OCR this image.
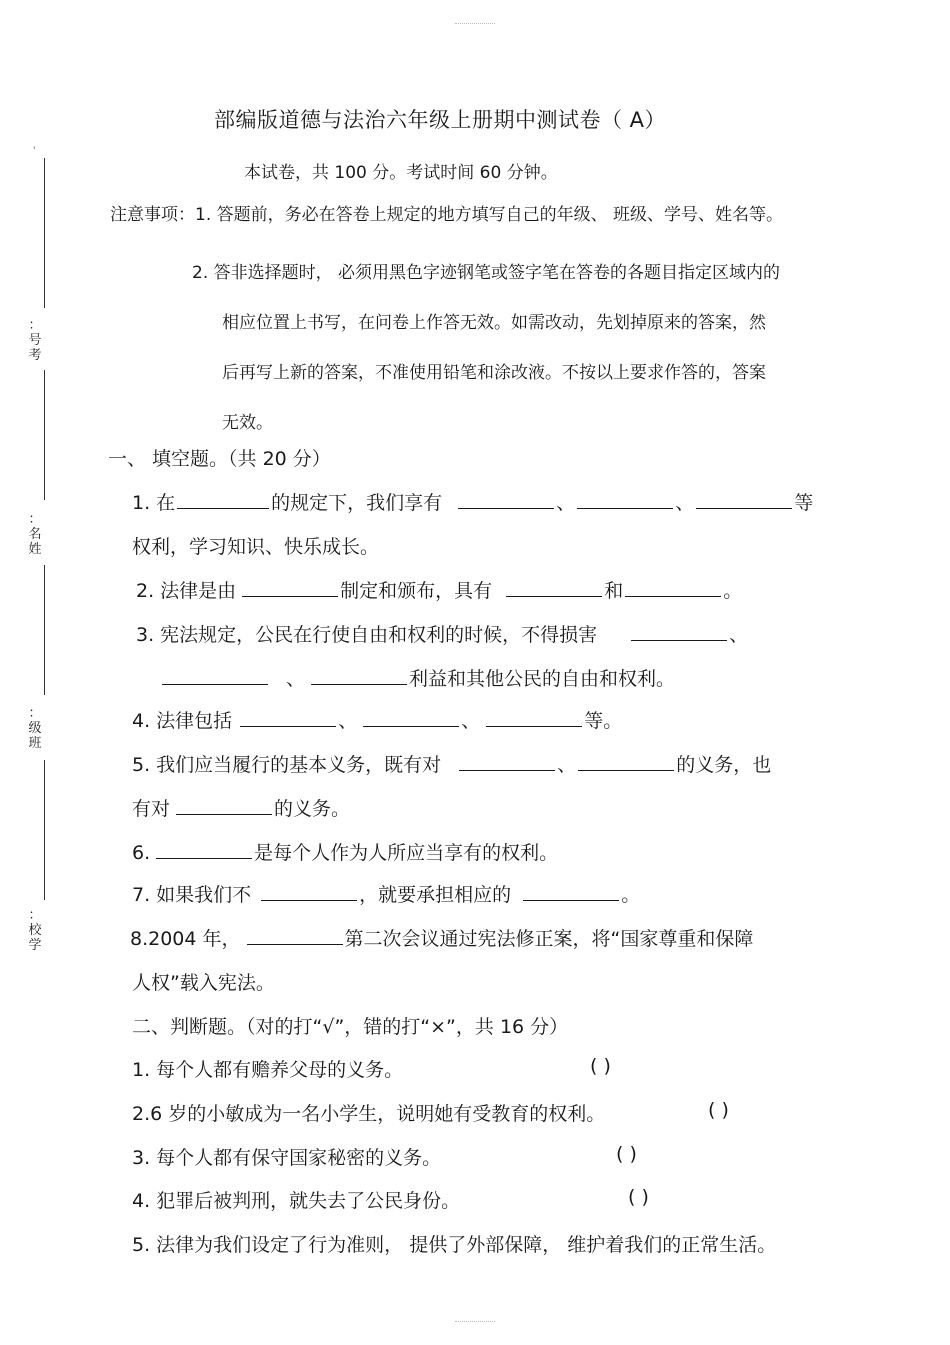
'
：
号
考
：
名
姓
：
级
班
：
校
学
部编版道德与法治六年级上册期中测试卷（ A）
本试卷，共 100 分。考试时间 60 分钟。
注意事项：1. 答题前，务必在答卷上规定的地方填写自己的年级、 班级、学号、姓名等。
2. 答非选择题时， 必须用黑色字迹钢笔或签字笔在答卷的各题目指定区域内的
相应位置上书写，在问卷上作答无效。如需改动，先划掉原来的答案，然
后再写上新的答案，不准使用铅笔和涂改液。不按以上要求作答的，答案
无效。
一、 填空题。（共 20 分）
1. 在	的规定下，我们享有	、	、	等
权利，学习知识、快乐成长。
2. 法律是由	制定和颁布，具有	和	。
3. 宪法规定，公民在行使自由和权利的时候，不得损害	、
、	利益和其他公民的自由和权利。
4. 法律包括	、	、	等。
5. 我们应当履行的基本义务，既有对	、	的义务，也
有对	的义务。
6.	是每个人作为人所应当享有的权利。
7. 如果我们不	，就要承担相应的	。
8.2004 年，	第二次会议通过宪法修正案，将“国家尊重和保障
人权”载入宪法。
二、判断题。（对的打“√”，错的打“×”，共 16 分）
1. 每个人都有赡养父母的义务。	( )
2.6 岁的小敏成为一名小学生，说明她有受教育的权利。	( )
3. 每个人都有保守国家秘密的义务。	( )
4. 犯罪后被判刑，就失去了公民身份。	( )
5. 法律为我们设定了行为准则， 提供了外部保障， 维护着我们的正常生活。
